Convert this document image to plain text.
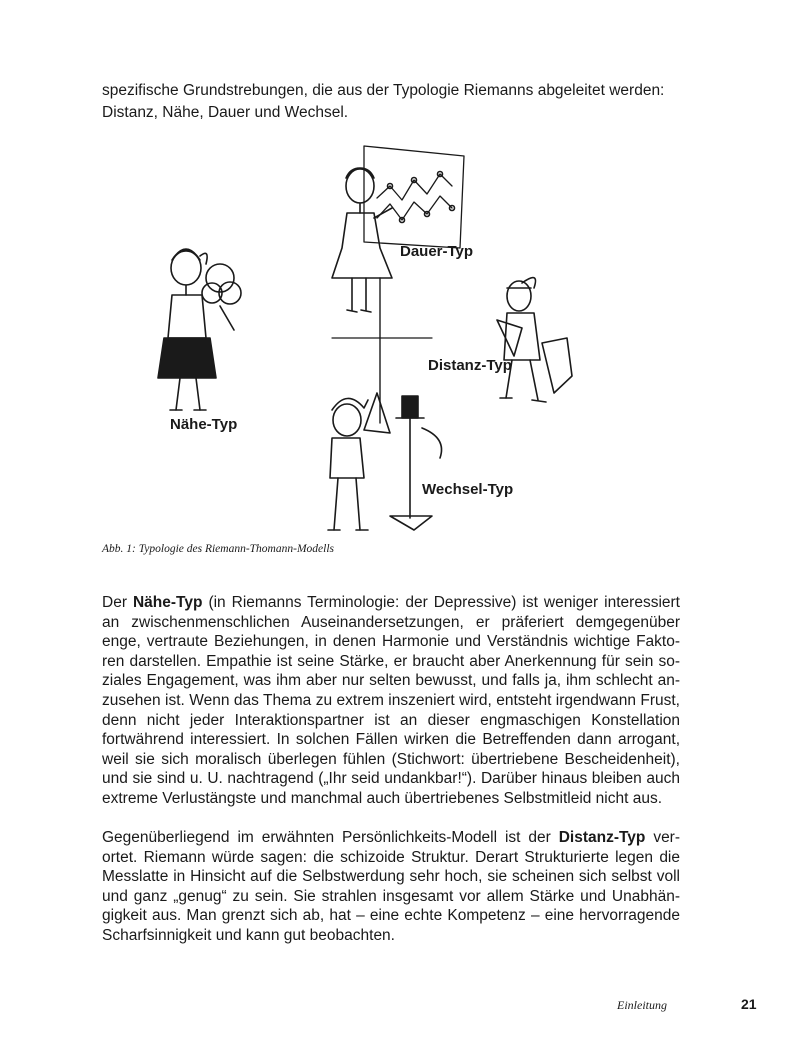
spezifische Grundstrebungen, die aus der Typologie Riemanns abgeleitet werden:
Distanz, Nähe, Dauer und Wechsel.

Dauer-Typ
Nähe-Typ
Distanz-Typ
Wechsel-Typ
Abb. 1: Typologie des Riemann-Thomann-Modells

Der Nähe-Typ (in Riemanns Terminologie: der Depressive) ist weniger interessiert
an zwischenmenschlichen Auseinandersetzungen, er präferiert demgegenüber
enge, vertraute Beziehungen, in denen Harmonie und Verständnis wichtige Fakto-
ren darstellen. Empathie ist seine Stärke, er braucht aber Anerkennung für sein so-
ziales Engagement, was ihm aber nur selten bewusst, und falls ja, ihm schlecht an-
zusehen ist. Wenn das Thema zu extrem inszeniert wird, entsteht irgendwann Frust,
denn nicht jeder Interaktionspartner ist an dieser engmaschigen Konstellation
fortwährend interessiert. In solchen Fällen wirken die Betreffenden dann arrogant,
weil sie sich moralisch überlegen fühlen (Stichwort: übertriebene Bescheidenheit),
und sie sind u. U. nachtragend („Ihr seid undankbar!“). Darüber hinaus bleiben auch
extreme Verlustängste und manchmal auch übertriebenes Selbstmitleid nicht aus.

Gegenüberliegend im erwähnten Persönlichkeits-Modell ist der Distanz-Typ ver-
ortet. Riemann würde sagen: die schizoide Struktur. Derart Strukturierte legen die
Messlatte in Hinsicht auf die Selbstwerdung sehr hoch, sie scheinen sich selbst voll
und ganz „genug“ zu sein. Sie strahlen insgesamt vor allem Stärke und Unabhän-
gigkeit aus. Man grenzt sich ab, hat – eine echte Kompetenz – eine hervorragende
Scharfsinnigkeit und kann gut beobachten.

Einleitung	21
